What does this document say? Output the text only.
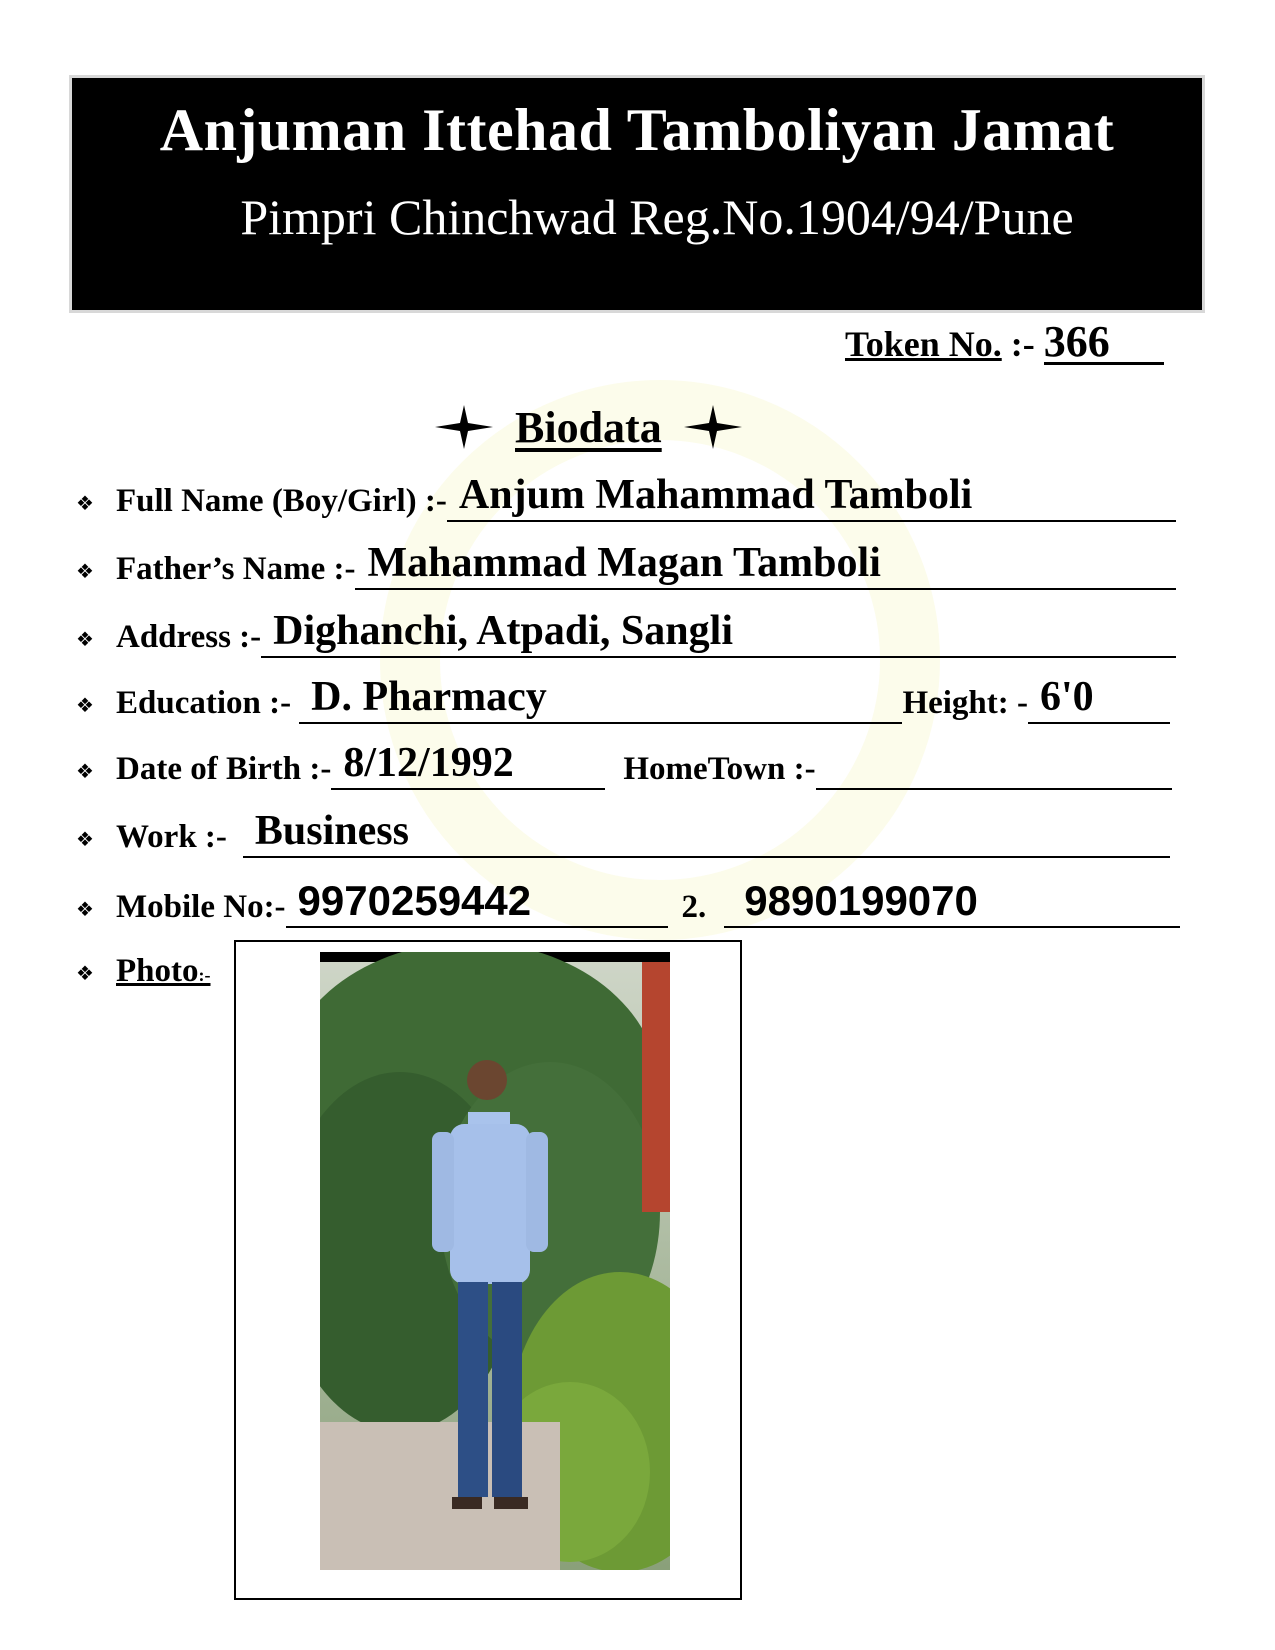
Anjuman Ittehad Tamboliyan Jamat
Pimpri Chinchwad Reg.No.1904/94/Pune
Token No. :- 366
Biodata
❖ Full Name (Boy/Girl) :- Anjum Mahammad Tamboli
❖ Father’s Name :- Mahammad Magan Tamboli
❖ Address :- Dighanchi, Atpadi, Sangli
❖ Education :- D. Pharmacy	Height: - 6'0
❖ Date of Birth :- 8/12/1992	HomeTown :-
❖ Work :- Business
❖ Mobile No:- 9970259442	2. 9890199070
❖ Photo:-
